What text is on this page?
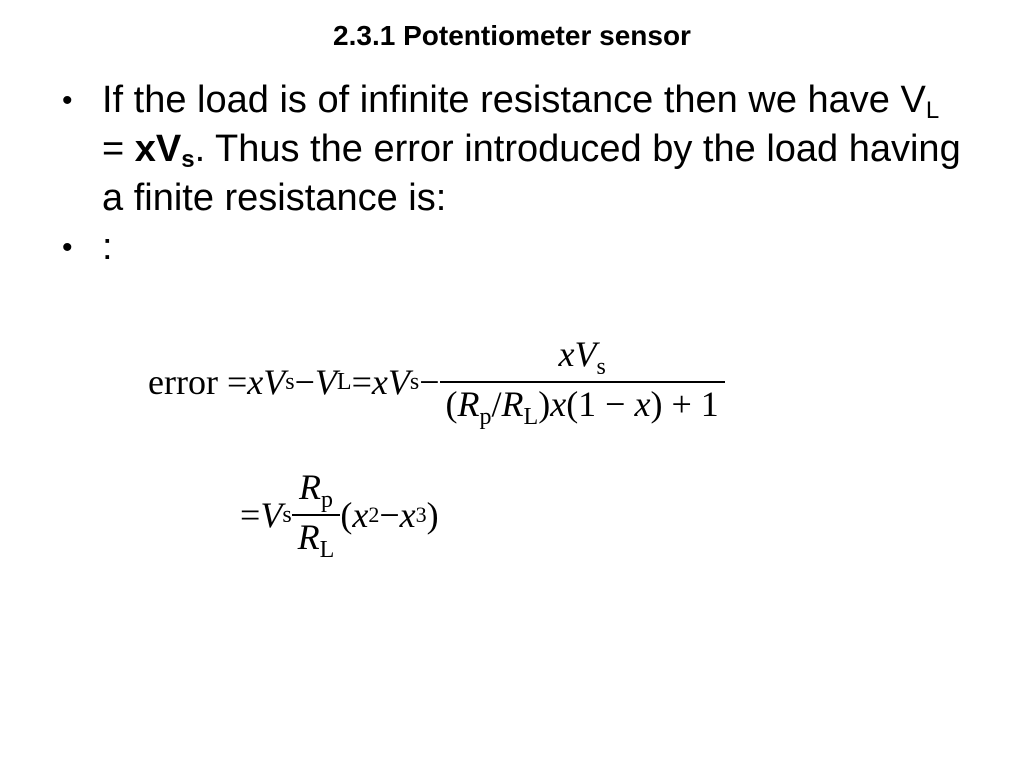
2.3.1 Potentiometer sensor
• If the load is of infinite resistance then we have $V_L = xV_s$. Thus the error introduced by the load having a finite resistance is:
• :
error = x V s − V L = x V $s - \frac{xV_s}{(R_p/R_L)x(1 - x) + 1}$
= V s $\frac{R_p}{R_L}$ ( x 2 − x 3 )
